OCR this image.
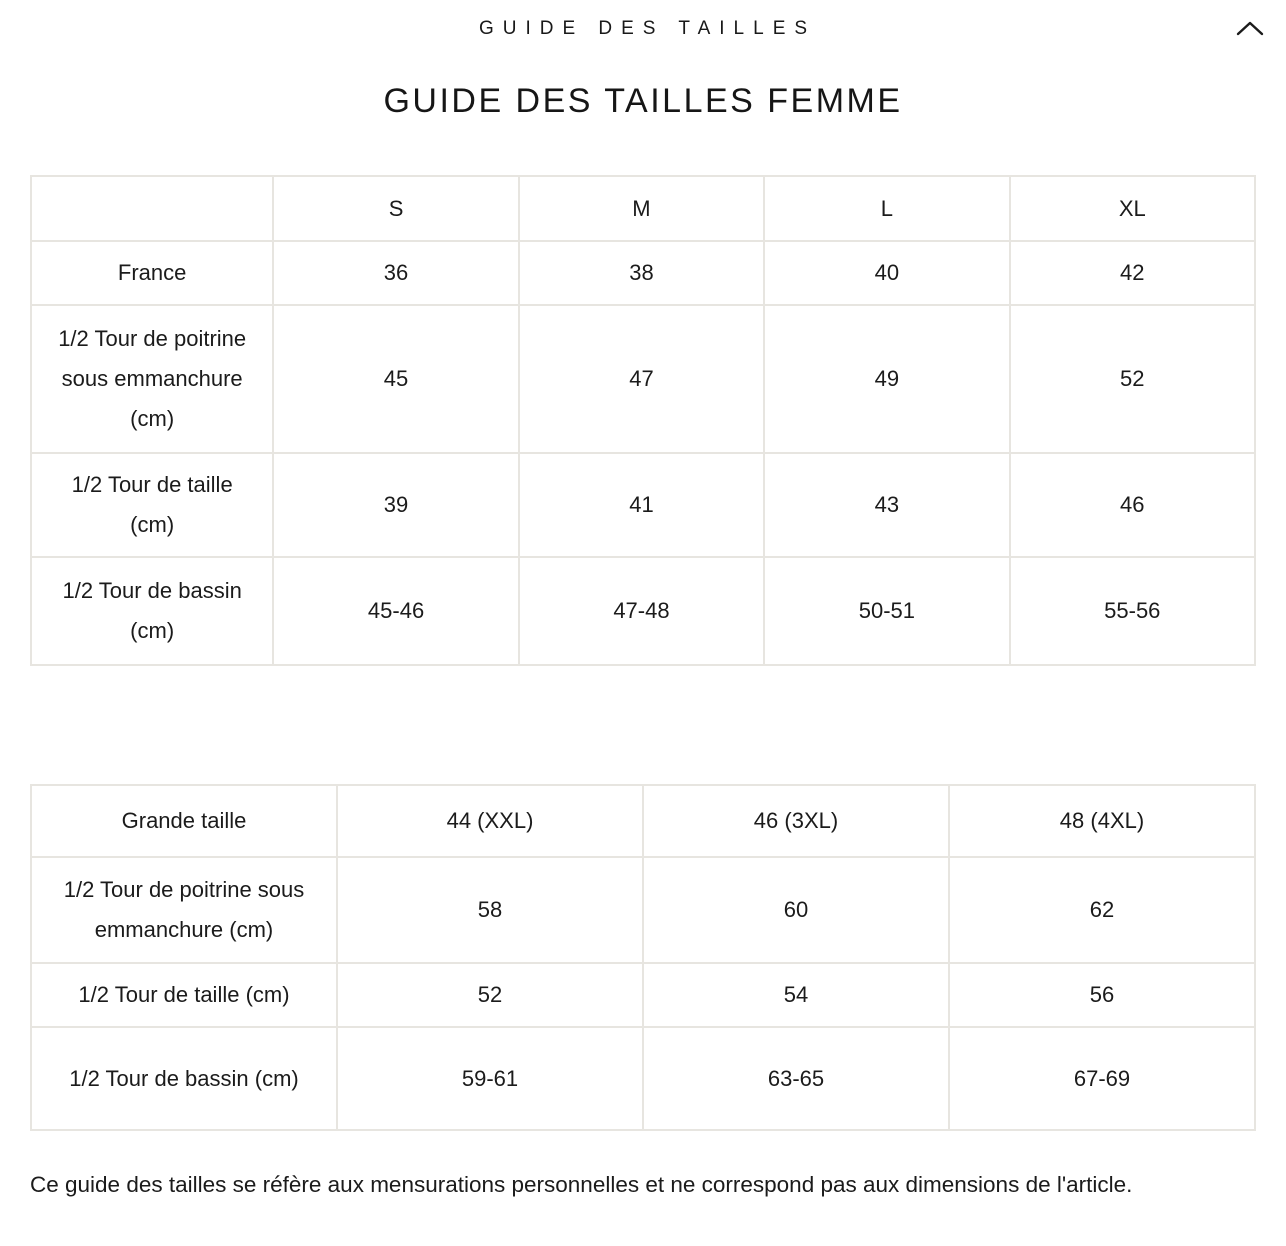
GUIDE DES TAILLES
GUIDE DES TAILLES FEMME
	S	M	L	XL
France	36	38	40	42
1/2 Tour de poitrine sous emmanchure (cm)	45	47	49	52
1/2 Tour de taille (cm)	39	41	43	46
1/2 Tour de bassin (cm)	45-46	47-48	50-51	55-56
Grande taille	44 (XXL)	46 (3XL)	48 (4XL)
1/2 Tour de poitrine sous emmanchure (cm)	58	60	62
1/2 Tour de taille (cm)	52	54	56
1/2 Tour de bassin (cm)	59-61	63-65	67-69

Ce guide des tailles se réfère aux mensurations personnelles et ne correspond pas aux dimensions de l'article.
